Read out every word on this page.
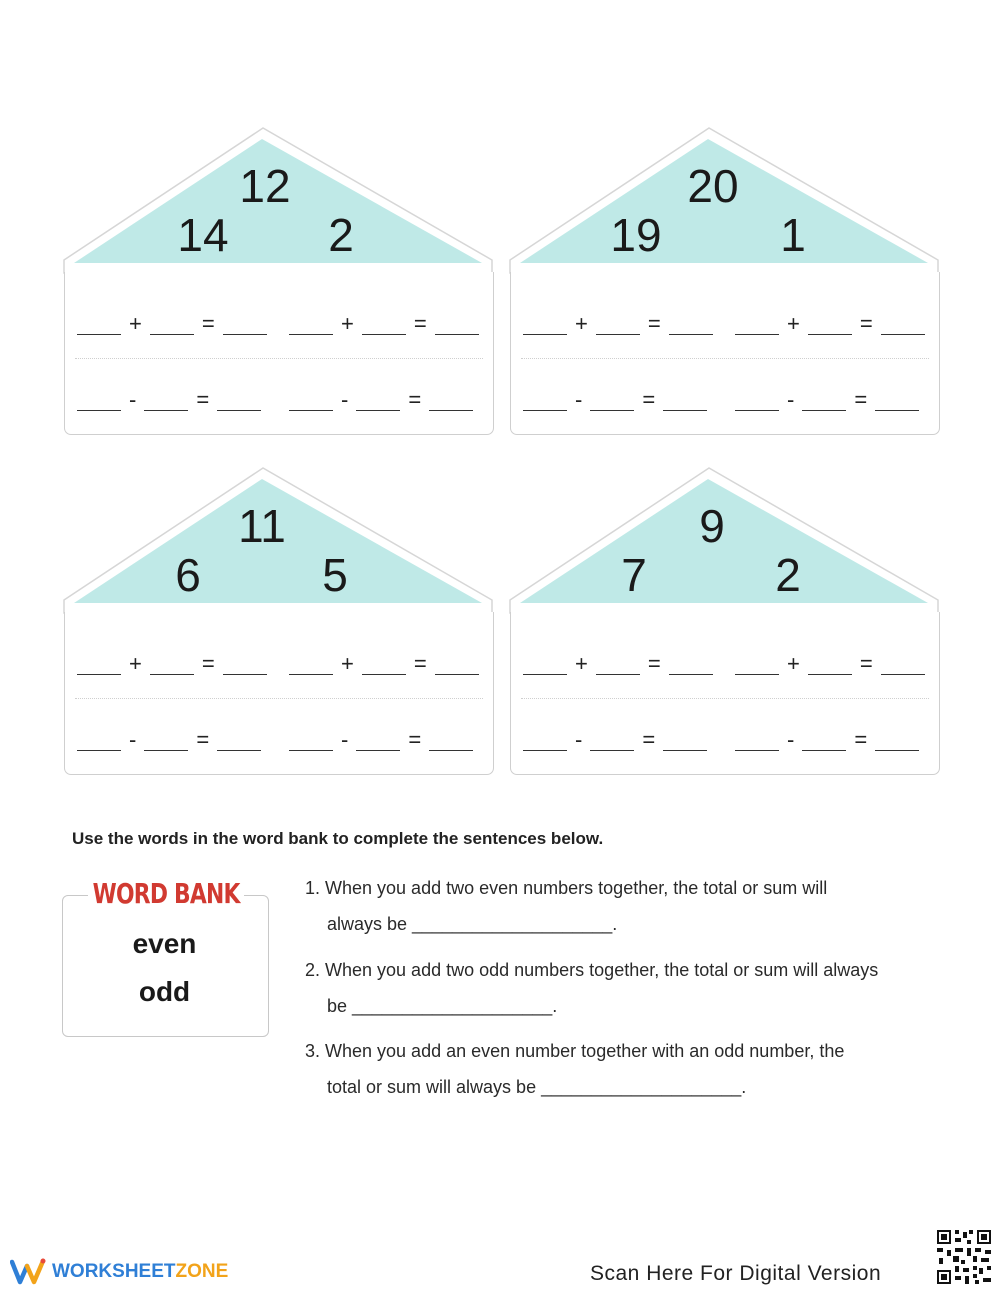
12
14 2
+	=	+	=
-	=	-	=
20
19	1
+	=	+	=
-	=	-	=
11
6	5
+	=	+	=
-	=	-	=
9
7	2
+	=	+	=
-	=	-	=
Use the words in the word bank to complete the sentences below.
WORD BANK
even
odd
1. When you add two even numbers together, the total or sum will
always be ____________________.
2. When you add two odd numbers together, the total or sum will always
be ____________________.
3. When you add an even number together with an odd number, the
total or sum will always be ____________________.
WORKSHEETZONE	Scan Here For Digital Version
